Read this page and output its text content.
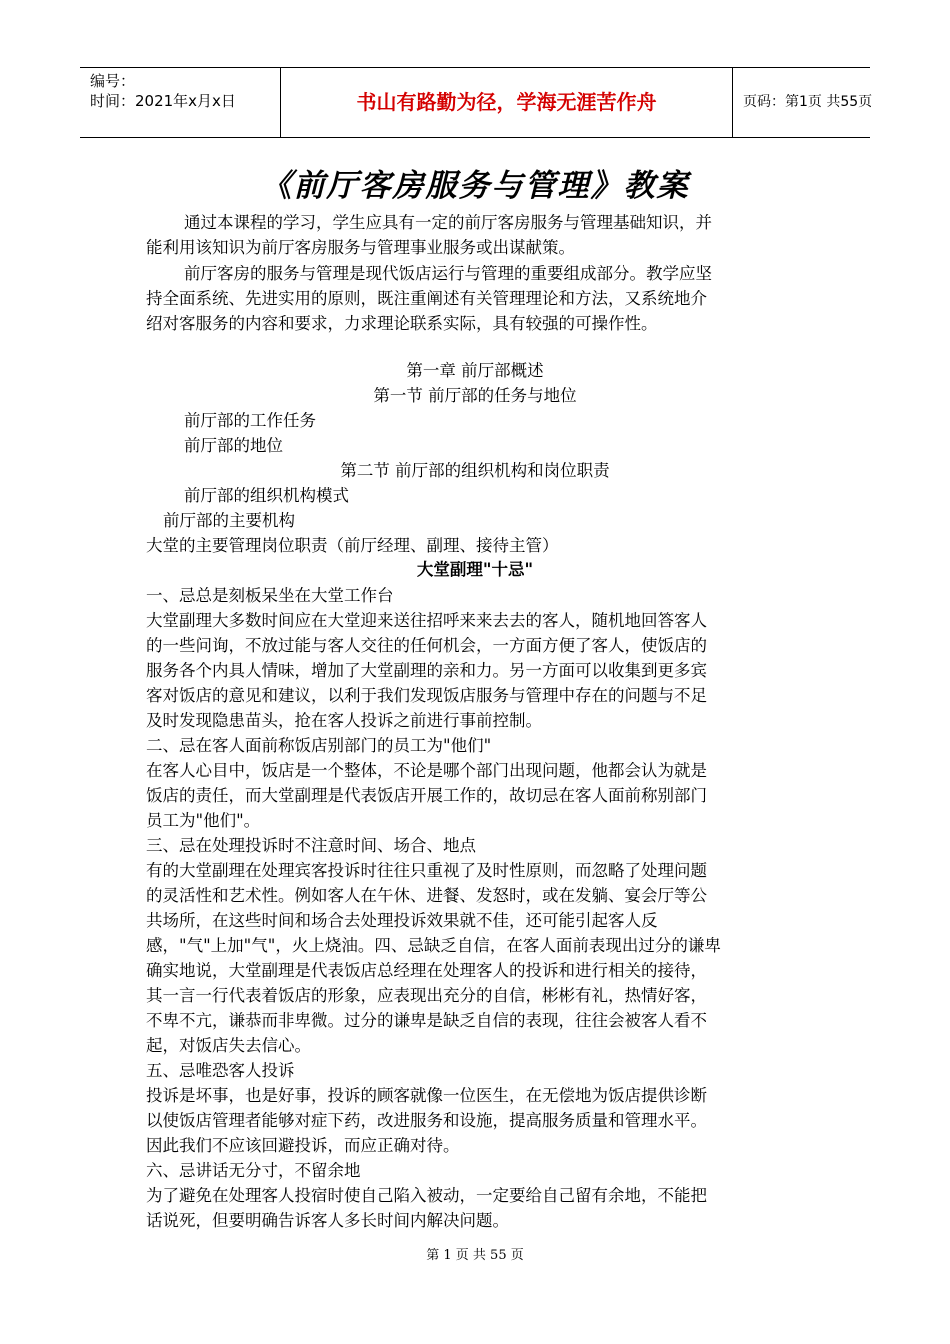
编号：
时间：2021年x月x日	书山有路勤为径，学海无涯苦作舟	页码：第1页 共55页
《前厅客房服务与管理》教案
通过本课程的学习，学生应具有一定的前厅客房服务与管理基础知识，并
能利用该知识为前厅客房服务与管理事业服务或出谋献策。
前厅客房的服务与管理是现代饭店运行与管理的重要组成部分。教学应坚
持全面系统、先进实用的原则，既注重阐述有关管理理论和方法，又系统地介
绍对客服务的内容和要求，力求理论联系实际，具有较强的可操作性。
第一章 前厅部概述
第一节 前厅部的任务与地位
前厅部的工作任务
前厅部的地位
第二节 前厅部的组织机构和岗位职责
前厅部的组织机构模式
前厅部的主要机构
大堂的主要管理岗位职责（前厅经理、副理、接待主管）
大堂副理"十忌"
一、忌总是刻板呆坐在大堂工作台
大堂副理大多数时间应在大堂迎来送往招呼来来去去的客人，随机地回答客人
的一些问询，不放过能与客人交往的任何机会，一方面方便了客人，使饭店的
服务各个内具人情味，增加了大堂副理的亲和力。另一方面可以收集到更多宾
客对饭店的意见和建议，以利于我们发现饭店服务与管理中存在的问题与不足
及时发现隐患苗头，抢在客人投诉之前进行事前控制。
二、忌在客人面前称饭店别部门的员工为"他们"
在客人心目中，饭店是一个整体，不论是哪个部门出现问题，他都会认为就是
饭店的责任，而大堂副理是代表饭店开展工作的，故切忌在客人面前称别部门
员工为"他们"。
三、忌在处理投诉时不注意时间、场合、地点
有的大堂副理在处理宾客投诉时往往只重视了及时性原则，而忽略了处理问题
的灵活性和艺术性。例如客人在午休、进餐、发怒时，或在发躺、宴会厅等公
共场所，在这些时间和场合去处理投诉效果就不佳，还可能引起客人反
感，"气"上加"气"，火上烧油。四、忌缺乏自信，在客人面前表现出过分的谦卑
确实地说，大堂副理是代表饭店总经理在处理客人的投诉和进行相关的接待，
其一言一行代表着饭店的形象，应表现出充分的自信，彬彬有礼，热情好客，
不卑不亢，谦恭而非卑微。过分的谦卑是缺乏自信的表现，往往会被客人看不
起，对饭店失去信心。
五、忌唯恐客人投诉
投诉是坏事，也是好事，投诉的顾客就像一位医生，在无偿地为饭店提供诊断
以使饭店管理者能够对症下药，改进服务和设施，提高服务质量和管理水平。
因此我们不应该回避投诉，而应正确对待。
六、忌讲话无分寸，不留余地
为了避免在处理客人投宿时使自己陷入被动，一定要给自己留有余地，不能把
话说死，但要明确告诉客人多长时间内解决问题。
第 1 页 共 55 页
